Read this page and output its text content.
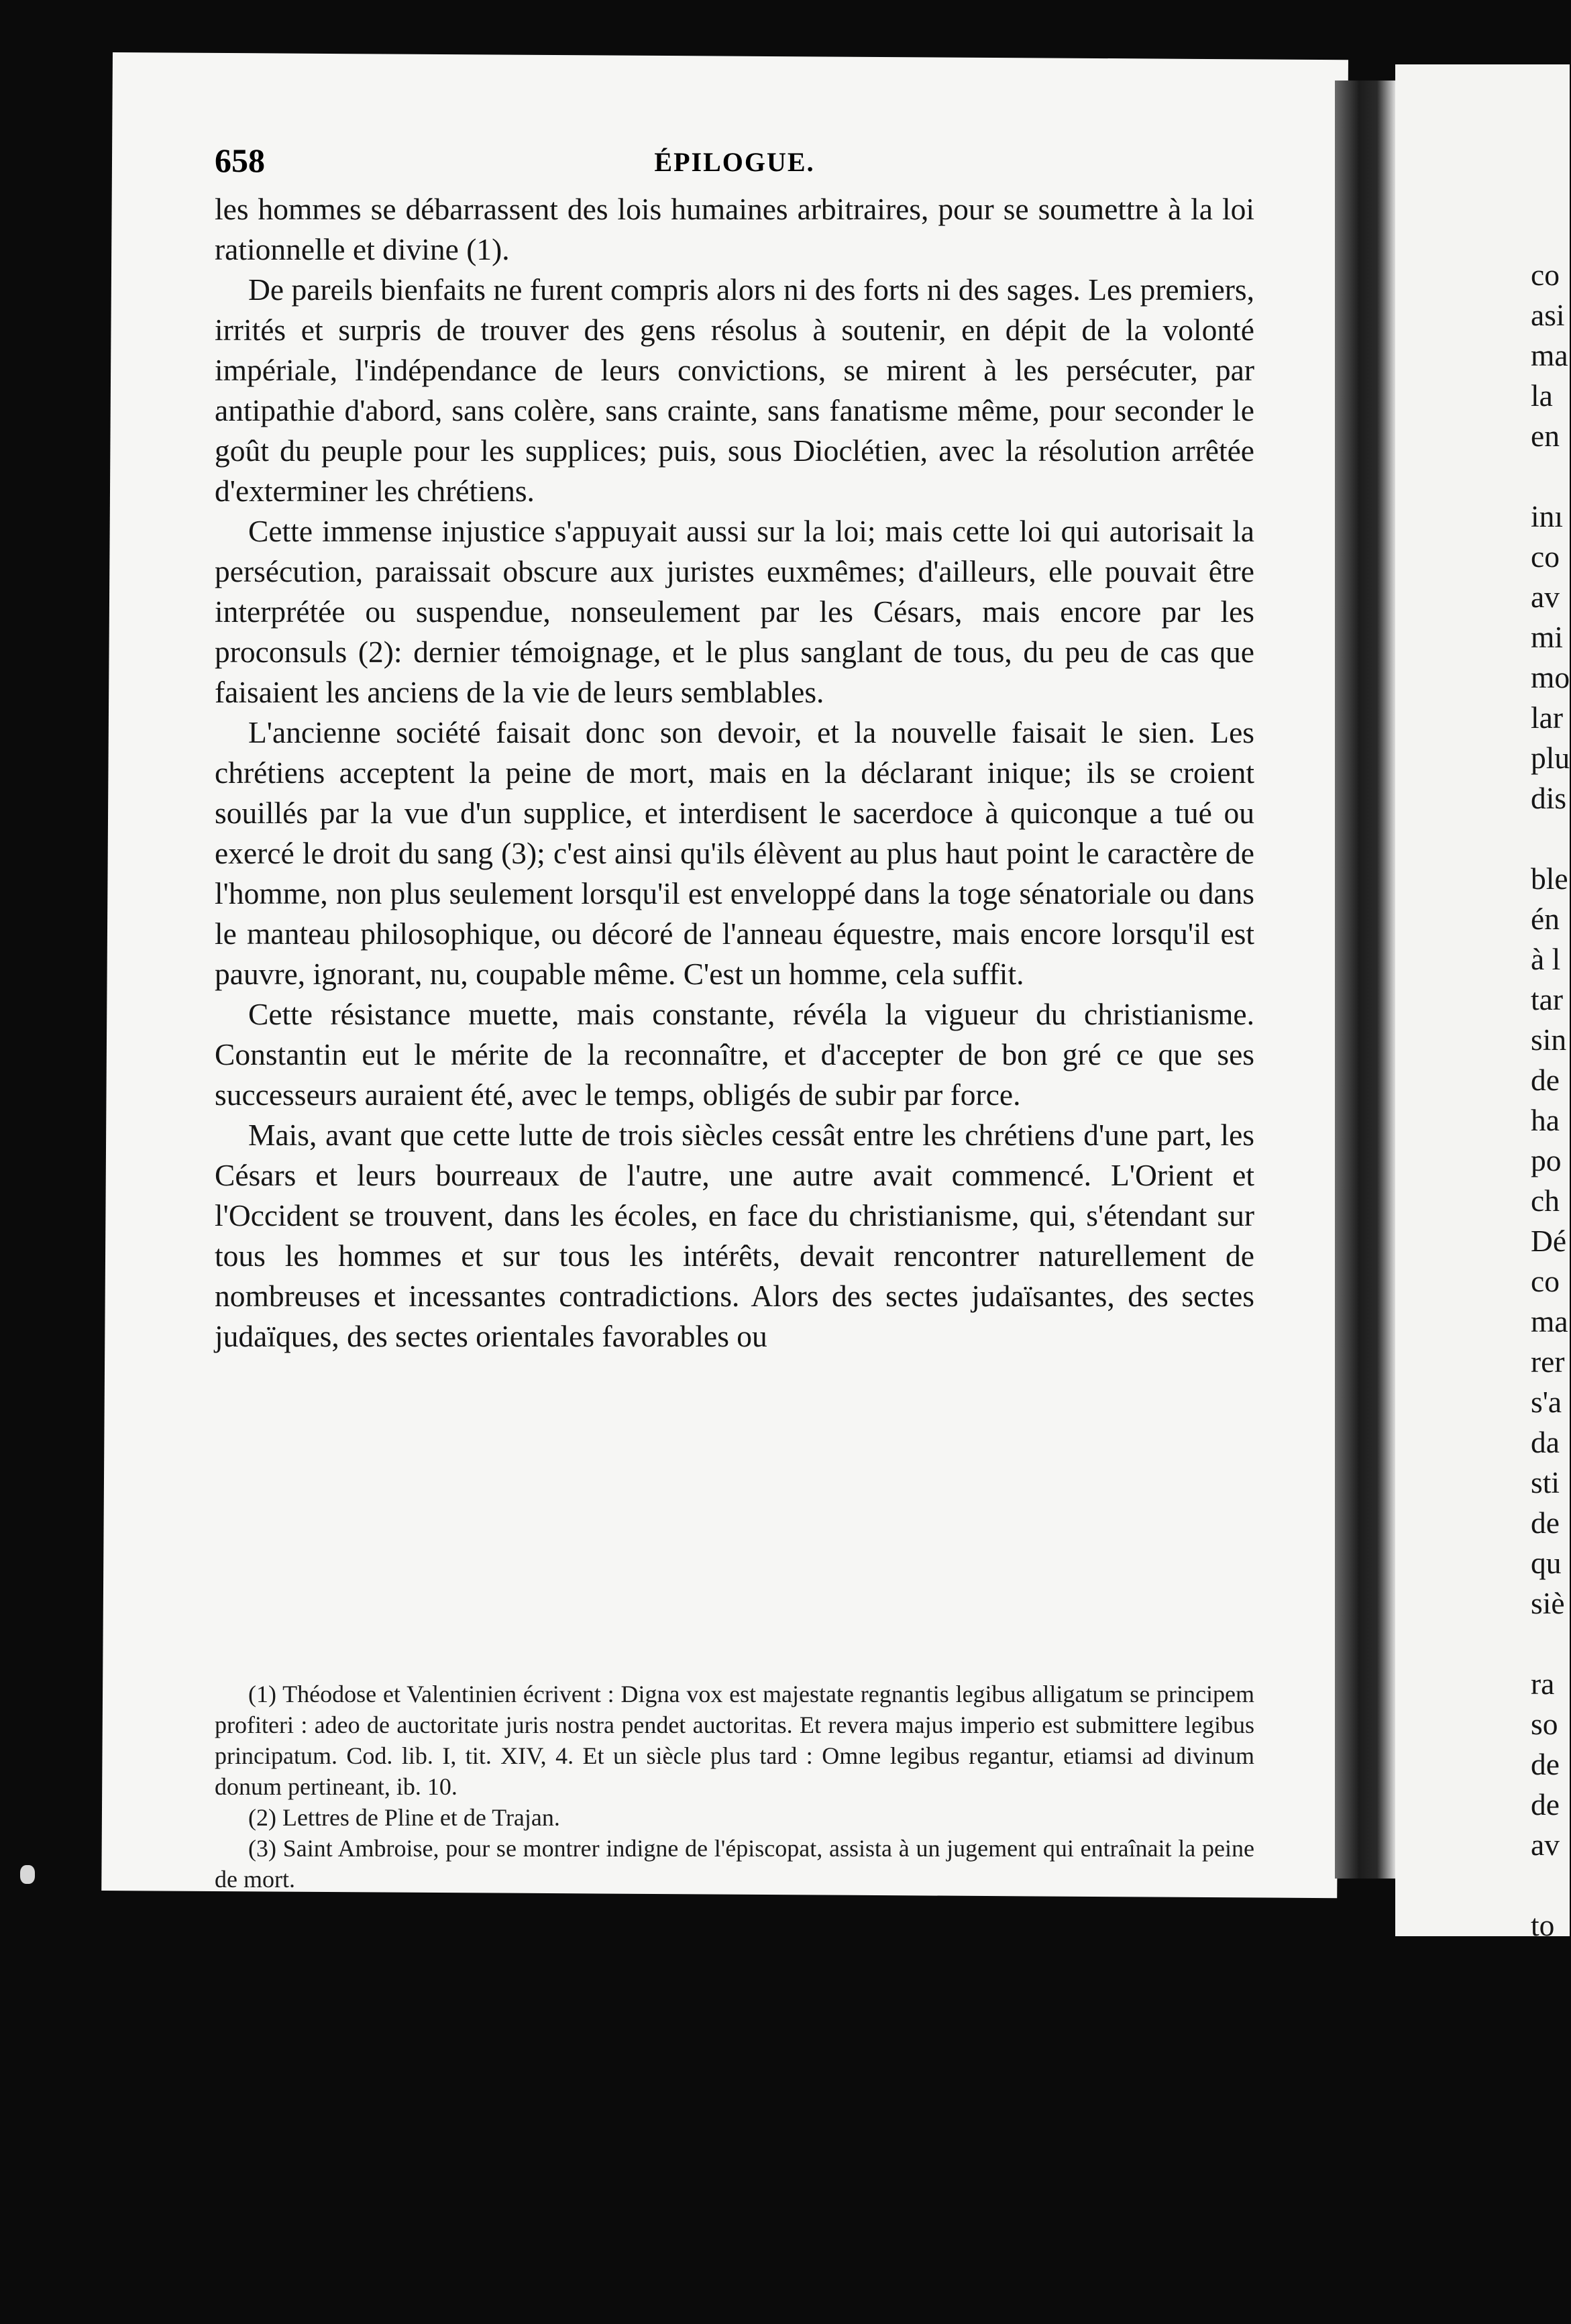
658	ÉPILOGUE.

les hommes se débarrassent des lois humaines arbitraires, pour se soumettre à la loi rationnelle et divine (1).

De pareils bienfaits ne furent compris alors ni des forts ni des sages. Les premiers, irrités et surpris de trouver des gens résolus à soutenir, en dépit de la volonté impériale, l'indépendance de leurs convictions, se mirent à les persécuter, par antipathie d'abord, sans colère, sans crainte, sans fanatisme même, pour seconder le goût du peuple pour les supplices; puis, sous Dioclétien, avec la résolution arrêtée d'exterminer les chrétiens.

Cette immense injustice s'appuyait aussi sur la loi; mais cette loi qui autorisait la persécution, paraissait obscure aux juristes euxmêmes; d'ailleurs, elle pouvait être interprétée ou suspendue, nonseulement par les Césars, mais encore par les proconsuls (2): dernier témoignage, et le plus sanglant de tous, du peu de cas que faisaient les anciens de la vie de leurs semblables.

L'ancienne société faisait donc son devoir, et la nouvelle faisait le sien. Les chrétiens acceptent la peine de mort, mais en la déclarant inique; ils se croient souillés par la vue d'un supplice, et interdisent le sacerdoce à quiconque a tué ou exercé le droit du sang (3); c'est ainsi qu'ils élèvent au plus haut point le caractère de l'homme, non plus seulement lorsqu'il est enveloppé dans la toge sénatoriale ou dans le manteau philosophique, ou décoré de l'anneau équestre, mais encore lorsqu'il est pauvre, ignorant, nu, coupable même. C'est un homme, cela suffit.

Cette résistance muette, mais constante, révéla la vigueur du christianisme. Constantin eut le mérite de la reconnaître, et d'accepter de bon gré ce que ses successeurs auraient été, avec le temps, obligés de subir par force.

Mais, avant que cette lutte de trois siècles cessât entre les chrétiens d'une part, les Césars et leurs bourreaux de l'autre, une autre avait commencé. L'Orient et l'Occident se trouvent, dans les écoles, en face du christianisme, qui, s'étendant sur tous les hommes et sur tous les intérêts, devait rencontrer naturellement de nombreuses et incessantes contradictions. Alors des sectes judaïsantes, des sectes judaïques, des sectes orientales favorables ou

(1) Théodose et Valentinien écrivent : Digna vox est majestate regnantis legibus alligatum se principem profiteri : adeo de auctoritate juris nostra pendet auctoritas. Et revera majus imperio est submittere legibus principatum. Cod. lib. I, tit. XIV, 4. Et un siècle plus tard : Omne legibus regantur, etiamsi ad divinum donum pertineant, ib. 10.

(2) Lettres de Pline et de Trajan.

(3) Saint Ambroise, pour se montrer indigne de l'épiscopat, assista à un jugement qui entraînait la peine de mort.

co
asi
ma
la
en
inı
co
av
mi
mo
lar
plu
dis
ble
én
à l
tar
sin
de
ha
po
ch
Dé
co
ma
rer
s'a
da
sti
de
qu
siè
ra
so
de
de
av
to
